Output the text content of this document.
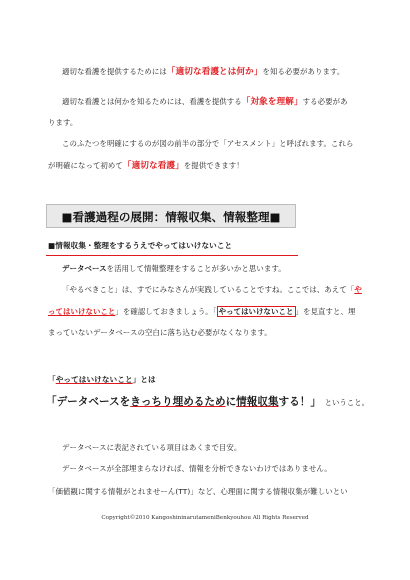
適切な看護を提供するためには「適切な看護とは何か」を知る必要があります。
適切な看護とは何かを知るためには、看護を提供する「対象を理解」する必要があ
ります。
このふたつを明確にするのが図の前半の部分で「アセスメント」と呼ばれます。これら
が明確になって初めて「適切な看護」を提供できます！
■看護過程の展開：情報収集、情報整理■
■情報収集・整理をするうえでやってはいけないこと
データベースを活用して情報整理をすることが多いかと思います。
「やるべきこと」は、すでにみなさんが実践していることですね。ここでは、あえて「や
ってはいけないこと」を確認しておきましょう。「 やってはいけないこと 」を見直すと、埋
まっていないデータベースの空白に落ち込む必要がなくなります。
「やってはいけないこと」とは
「データベースをきっちり埋めるために情報収集する！」 ということ。
データベースに表記されている項目はあくまで目安。
データベースが全部埋まらなければ、情報を分析できないわけではありません。
「価値観に関する情報がとれませーん(TT)」など、心理面に関する情報収集が難しいとい
Copyright©2010 KangoshininarutameniBenkyouhou All Rights Reserved
